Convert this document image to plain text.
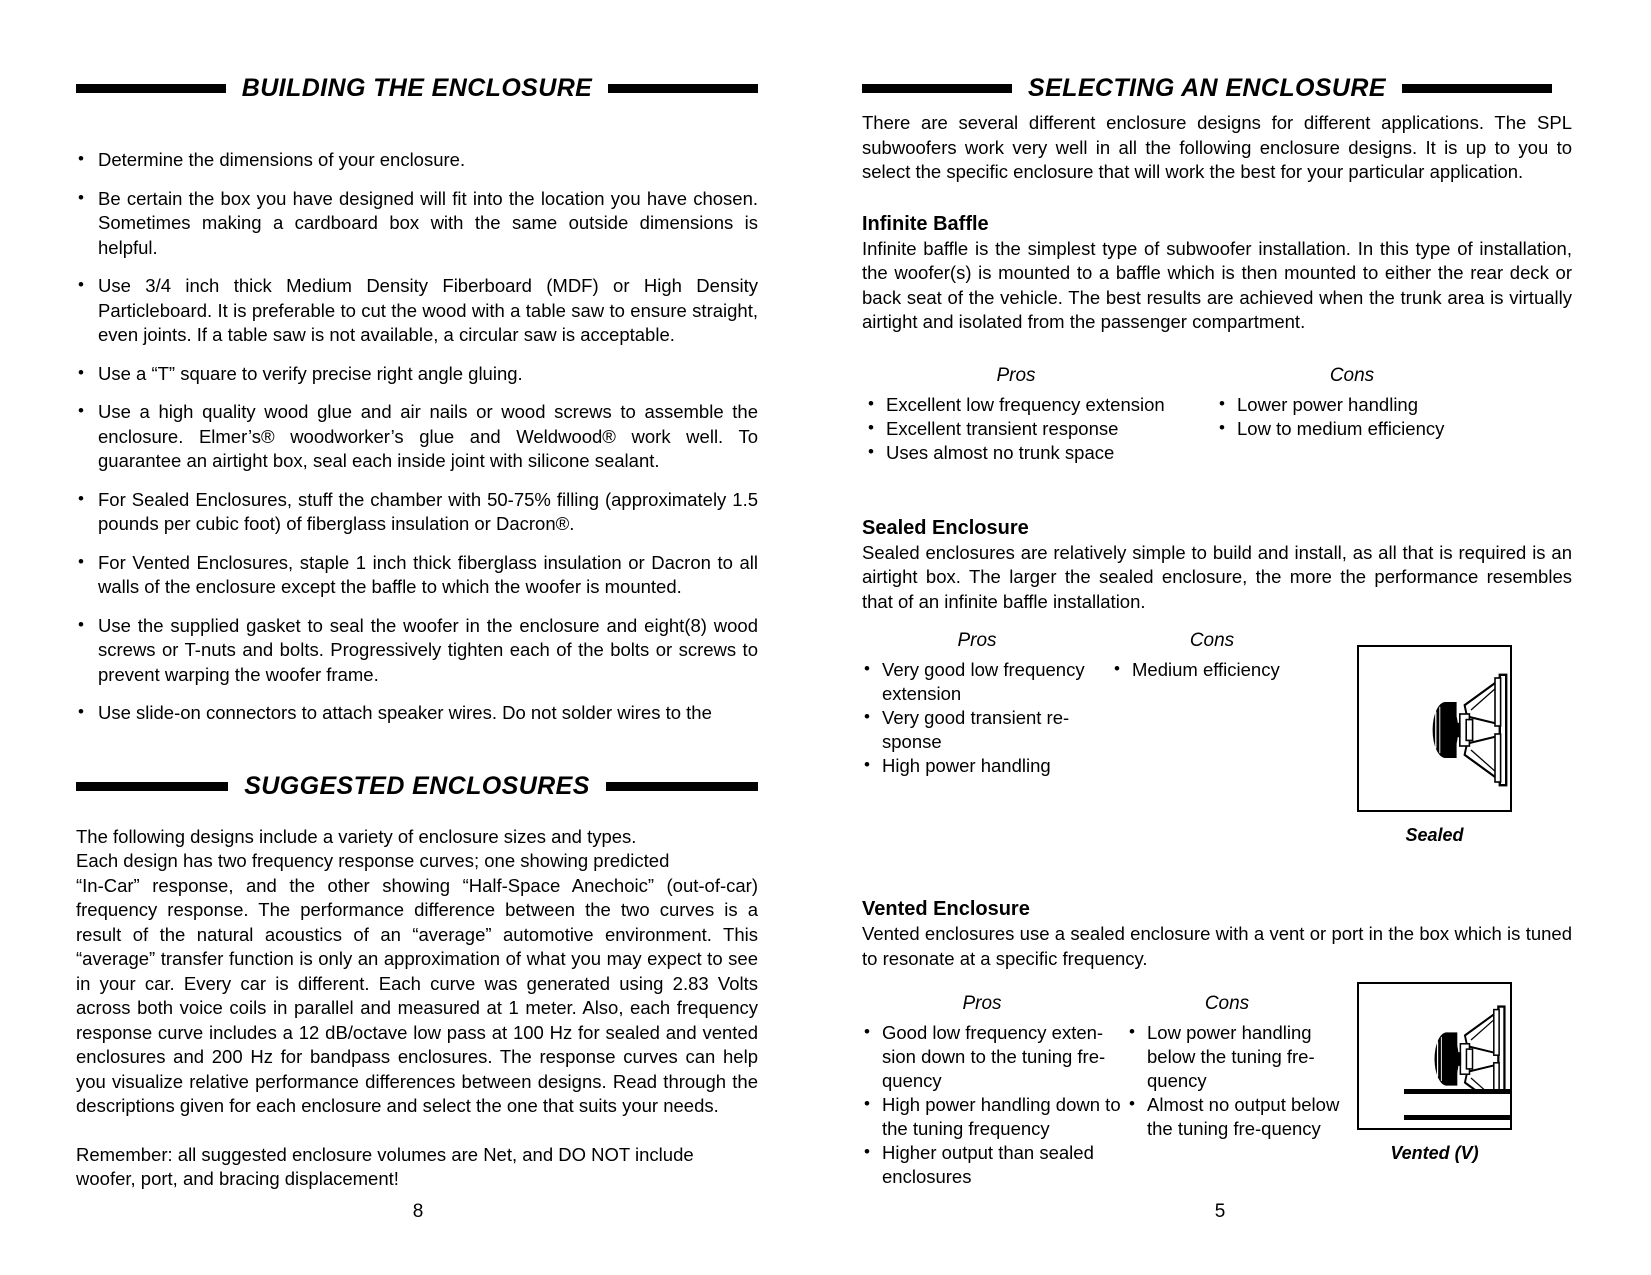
BUILDING THE ENCLOSURE
• Determine the dimensions of your enclosure.
• Be certain the box you have designed will fit into the location you have chosen. Sometimes making a cardboard box with the same outside dimensions is helpful.
• Use 3/4 inch thick Medium Density Fiberboard (MDF) or High Density Particleboard. It is preferable to cut the wood with a table saw to ensure straight, even joints. If a table saw is not available, a circular saw is acceptable.
• Use a “T” square to verify precise right angle gluing.
• Use a high quality wood glue and air nails or wood screws to assemble the enclosure. Elmer’s® woodworker’s glue and Weldwood® work well. To guarantee an airtight box, seal each inside joint with silicone sealant.
• For Sealed Enclosures, stuff the chamber with 50-75% filling (approximately 1.5 pounds per cubic foot) of fiberglass insulation or Dacron®.
• For Vented Enclosures, staple 1 inch thick fiberglass insulation or Dacron to all walls of the enclosure except the baffle to which the woofer is mounted.
• Use the supplied gasket to seal the woofer in the enclosure and eight(8) wood screws or T-nuts and bolts. Progressively tighten each of the bolts or screws to prevent warping the woofer frame.
• Use slide-on connectors to attach speaker wires. Do not solder wires to the
SUGGESTED ENCLOSURES

The following designs include a variety of enclosure sizes and types.

Each design has two frequency response curves; one showing predicted

“In-Car” response, and the other showing “Half-Space Anechoic” (out-of-car) frequency response. The performance difference between the two curves is a result of the natural acoustics of an “average” automotive environment. This “average” transfer function is only an approximation of what you may expect to see in your car. Every car is different. Each curve was generated using 2.83 Volts across both voice coils in parallel and measured at 1 meter. Also, each frequency response curve includes a 12 dB/octave low pass at 100 Hz for sealed and vented enclosures and 200 Hz for bandpass enclosures. The response curves can help you visualize relative performance differences between designs. Read through the descriptions given for each enclosure and select the one that suits your needs.

Remember: all suggested enclosure volumes are Net, and DO NOT include woofer, port, and bracing displacement!

8
SELECTING AN ENCLOSURE

There are several different enclosure designs for different applications. The SPL subwoofers work very well in all the following enclosure designs. It is up to you to select the specific enclosure that will work the best for your particular application.

Infinite Baffle

Infinite baffle is the simplest type of subwoofer installation. In this type of installation, the woofer(s) is mounted to a baffle which is then mounted to either the rear deck or back seat of the vehicle. The best results are achieved when the trunk area is virtually airtight and isolated from the passenger compartment.

Pros

• Excellent low frequency extension
• Excellent transient response
• Uses almost no trunk space

Cons

• Lower power handling
• Low to medium efficiency
Sealed Enclosure

Sealed enclosures are relatively simple to build and install, as all that is required is an airtight box. The larger the sealed enclosure, the more the performance resembles that of an infinite baffle installation.

Pros

• Very good low frequency extension
• Very good transient re-sponse
• High power handling

Cons

• Medium efficiency
Vented Enclosure

Vented enclosures use a sealed enclosure with a vent or port in the box which is tuned to resonate at a specific frequency.

Pros

• Good low frequency exten-sion down to the tuning fre-quency
• High power handling down to the tuning frequency
• Higher output than sealed enclosures

Cons

• Low power handling below the tuning fre-quency
• Almost no output below the tuning fre-quency
5

Sealed

Vented (V)
